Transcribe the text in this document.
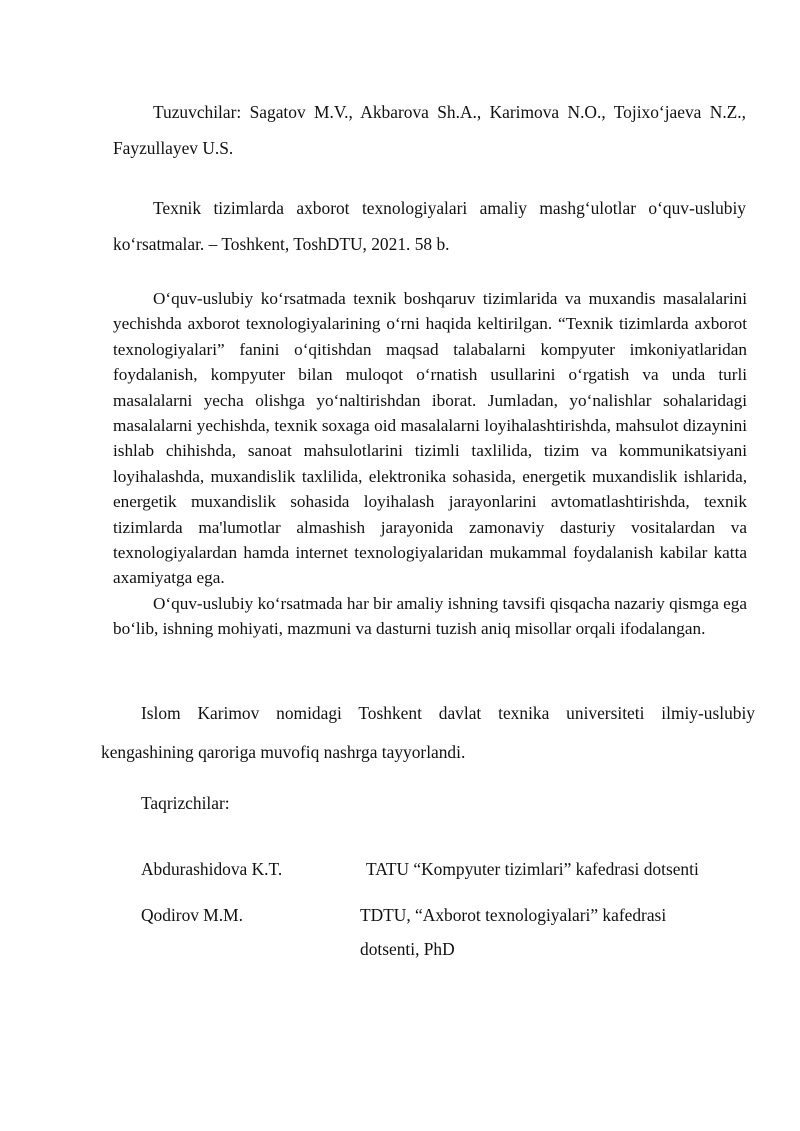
Tuzuvchilar: Sagatov M.V., Akbarova Sh.A., Karimova N.O., Tojixo‘jaeva N.Z., Fayzullayev U.S.

Texnik tizimlarda axborot texnologiyalari amaliy mashg‘ulotlar o‘quv-uslubiy ko‘rsatmalar. – Toshkent, ToshDTU, 2021. 58 b.

O‘quv-uslubiy ko‘rsatmada texnik boshqaruv tizimlarida va muxandis masalalarini yechishda axborot texnologiyalarining o‘rni haqida keltirilgan. “Texnik tizimlarda axborot texnologiyalari” fanini o‘qitishdan maqsad talabalarni kompyuter imkoniyatlaridan foydalanish, kompyuter bilan muloqot o‘rnatish usullarini o‘rgatish va unda turli masalalarni yecha olishga yo‘naltirishdan iborat. Jumladan, yo‘nalishlar sohalaridagi masalalarni yechishda, texnik soxaga oid masalalarni loyihalashtirishda, mahsulot dizaynini ishlab chihishda, sanoat mahsulotlarini tizimli taxlilida, tizim va kommunikatsiyani loyihalashda, muxandislik taxlilida, elektronika sohasida, energetik muxandislik ishlarida, energetik muxandislik sohasida loyihalash jarayonlarini avtomatlashtirishda, texnik tizimlarda ma'lumotlar almashish jarayonida zamonaviy dasturiy vositalardan va texnologiyalardan hamda internet texnologiyalaridan mukammal foydalanish kabilar katta axamiyatga ega.

O‘quv-uslubiy ko‘rsatmada har bir amaliy ishning tavsifi qisqacha nazariy qismga ega bo‘lib, ishning mohiyati, mazmuni va dasturni tuzish aniq misollar orqali ifodalangan.

Islom Karimov nomidagi Toshkent davlat texnika universiteti ilmiy-uslubiy kengashining qaroriga muvofiq nashrga tayyorlandi.

Taqrizchilar:

Abdurashidova K.T.	TATU “Kompyuter tizimlari” kafedrasi dotsenti
Qodirov M.M.	TDTU, “Axborot texnologiyalari” kafedrasi dotsenti, PhD
